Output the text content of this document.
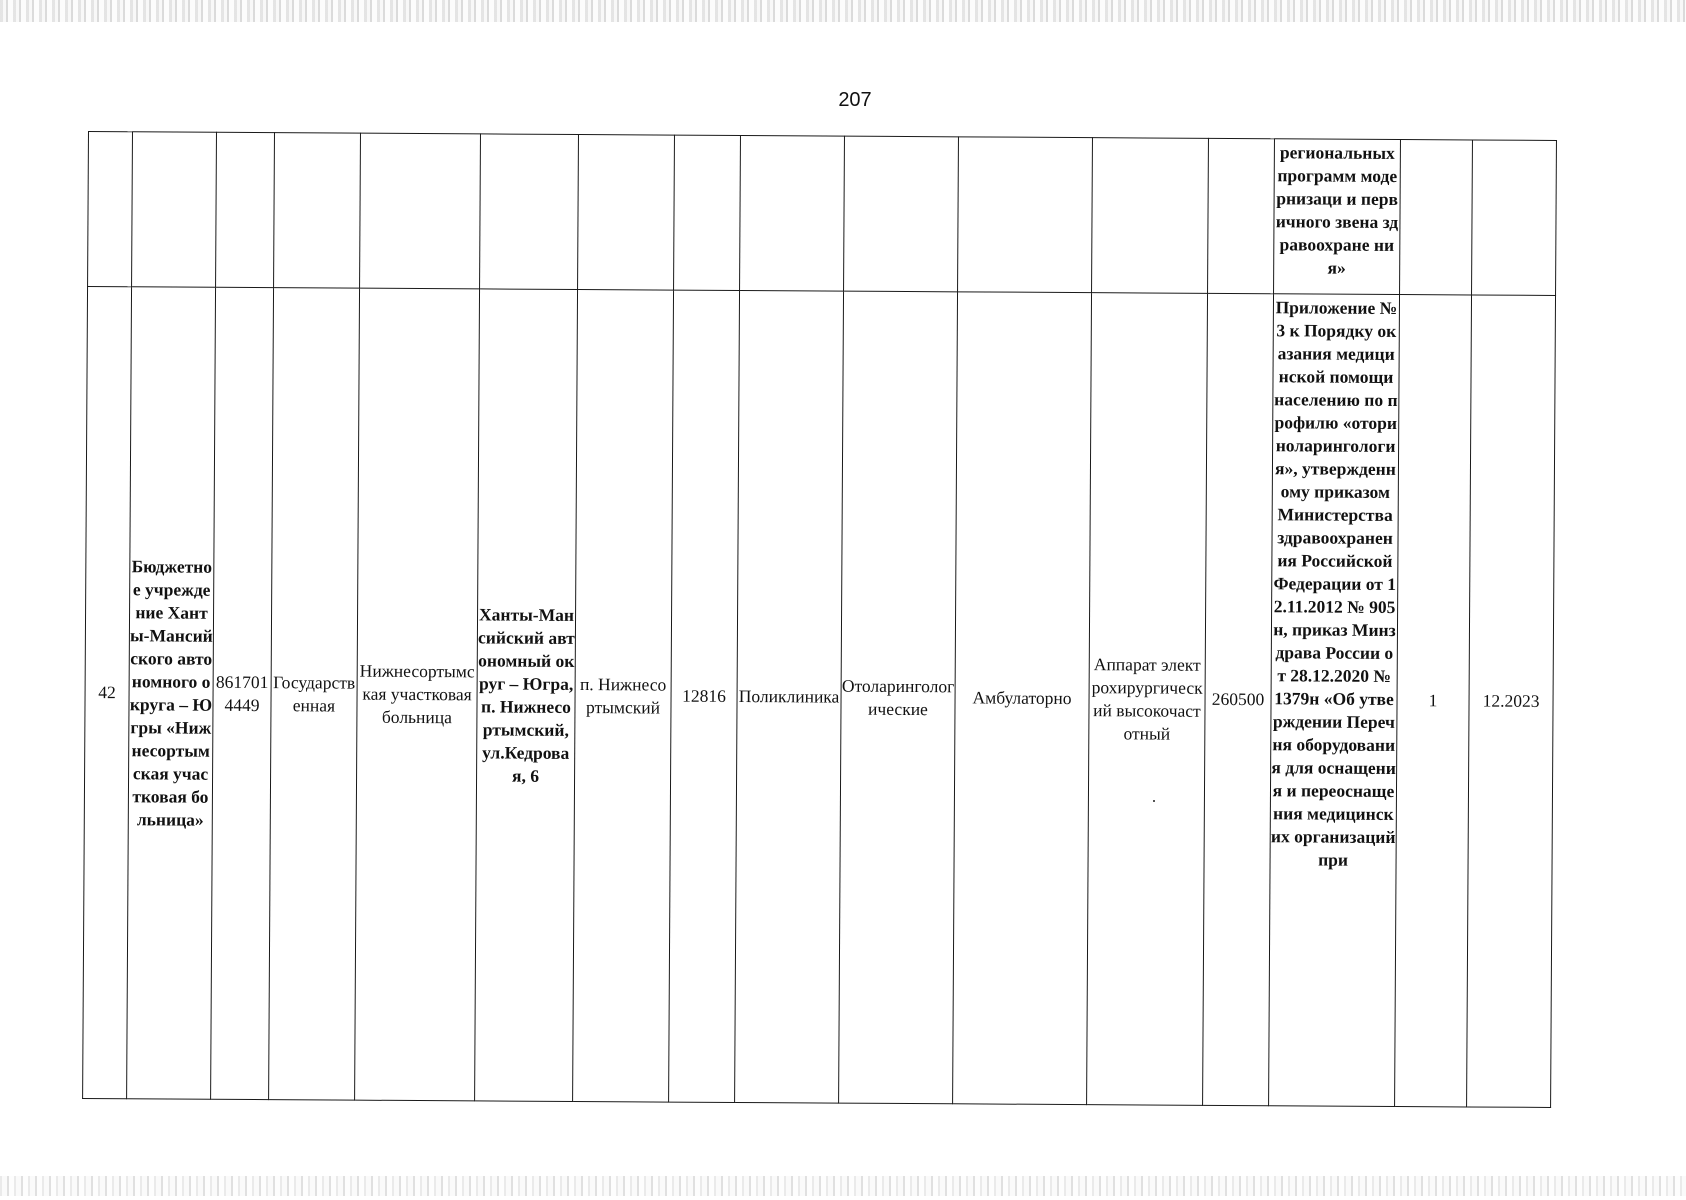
207
													региональных программ модернизаци и первичного звена здравоохране ния»		
42	Бюджетное учреждение Ханты-Мансийского автономного округа – Югры «Нижнесортымская участковая больница»	8617014449	Государственная	Нижнесортымская участковая больница	Ханты-Мансийский автономный округ – Югра, п. Нижнесортымский, ул.Кедровая, 6	п. Нижнесортымский	12816	Поликлиника	Отоларингологические	Амбулаторно	Аппарат электрохирургический высокочастотный	260500	Приложение № 3 к Порядку оказания медицинской помощи населению по профилю «оториноларингология», утвержденному приказом Министерства здравоохранения Российской Федерации от 12.11.2012 № 905н, приказ Минздрава России от 28.12.2020 № 1379н «Об утверждении Перечня оборудования для оснащения и переоснащения медицинских организаций при	1	12.2023
